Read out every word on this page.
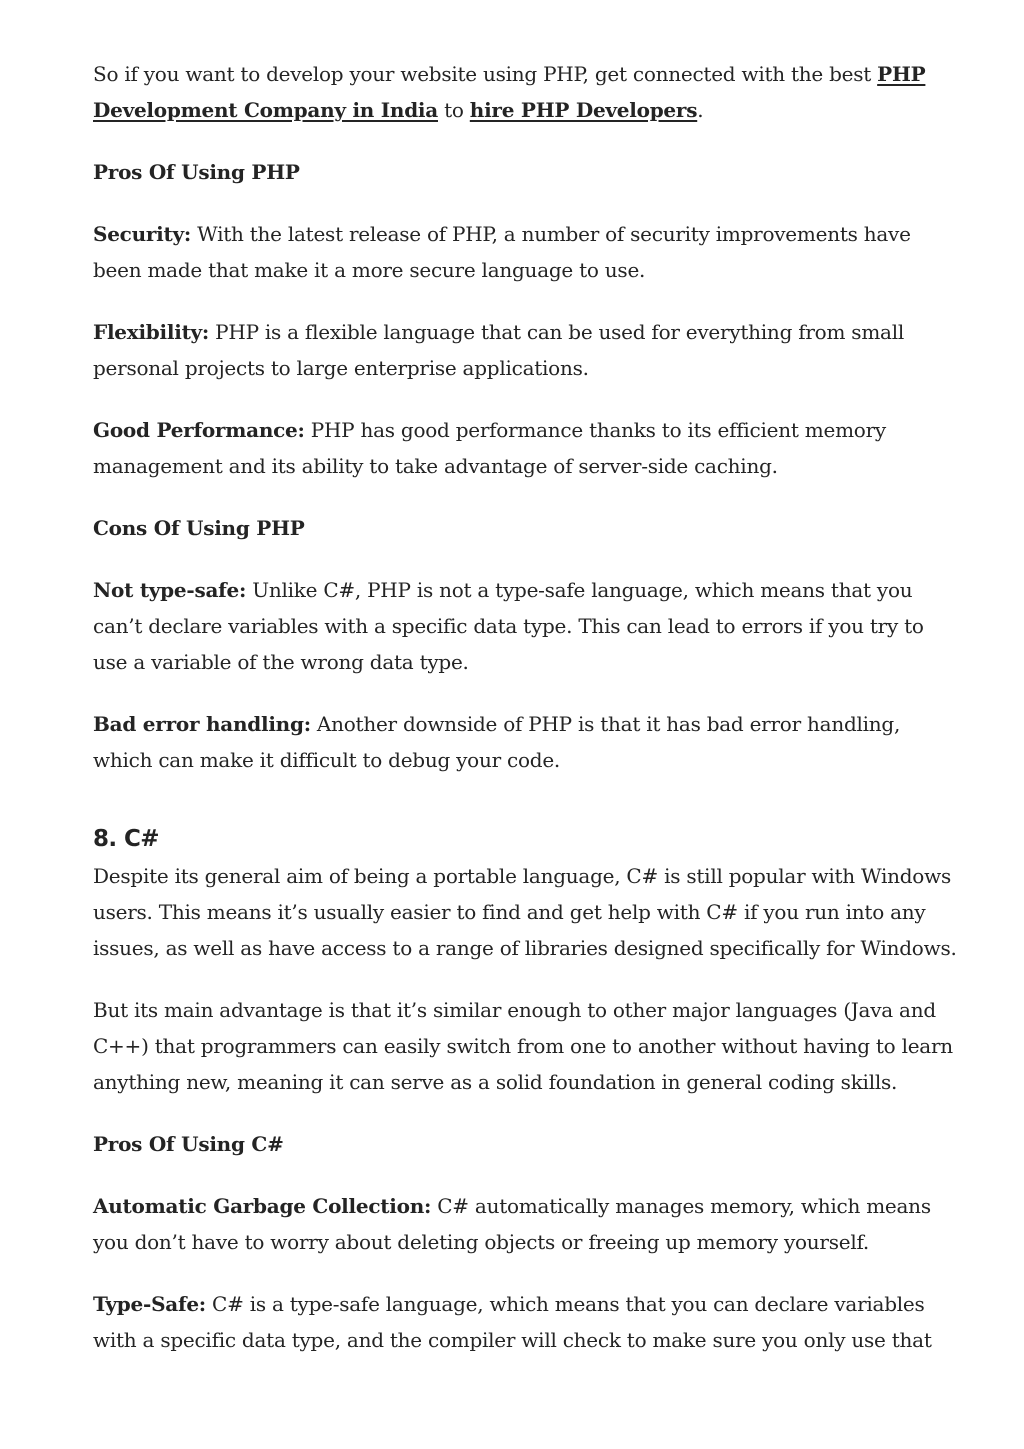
So if you want to develop your website using PHP, get connected with the best PHP Development Company in India to hire PHP Developers.

Pros Of Using PHP

Security: With the latest release of PHP, a number of security improvements have been made that make it a more secure language to use.

Flexibility: PHP is a flexible language that can be used for everything from small personal projects to large enterprise applications.

Good Performance: PHP has good performance thanks to its efficient memory management and its ability to take advantage of server-side caching.

Cons Of Using PHP

Not type-safe: Unlike C#, PHP is not a type-safe language, which means that you can’t declare variables with a specific data type. This can lead to errors if you try to use a variable of the wrong data type.

Bad error handling: Another downside of PHP is that it has bad error handling, which can make it difficult to debug your code.

8. C#

Despite its general aim of being a portable language, C# is still popular with Windows users. This means it’s usually easier to find and get help with C# if you run into any issues, as well as have access to a range of libraries designed specifically for Windows.

But its main advantage is that it’s similar enough to other major languages (Java and C++) that programmers can easily switch from one to another without having to learn anything new, meaning it can serve as a solid foundation in general coding skills.

Pros Of Using C#

Automatic Garbage Collection: C# automatically manages memory, which means you don’t have to worry about deleting objects or freeing up memory yourself.

Type-Safe: C# is a type-safe language, which means that you can declare variables with a specific data type, and the compiler will check to make sure you only use that
